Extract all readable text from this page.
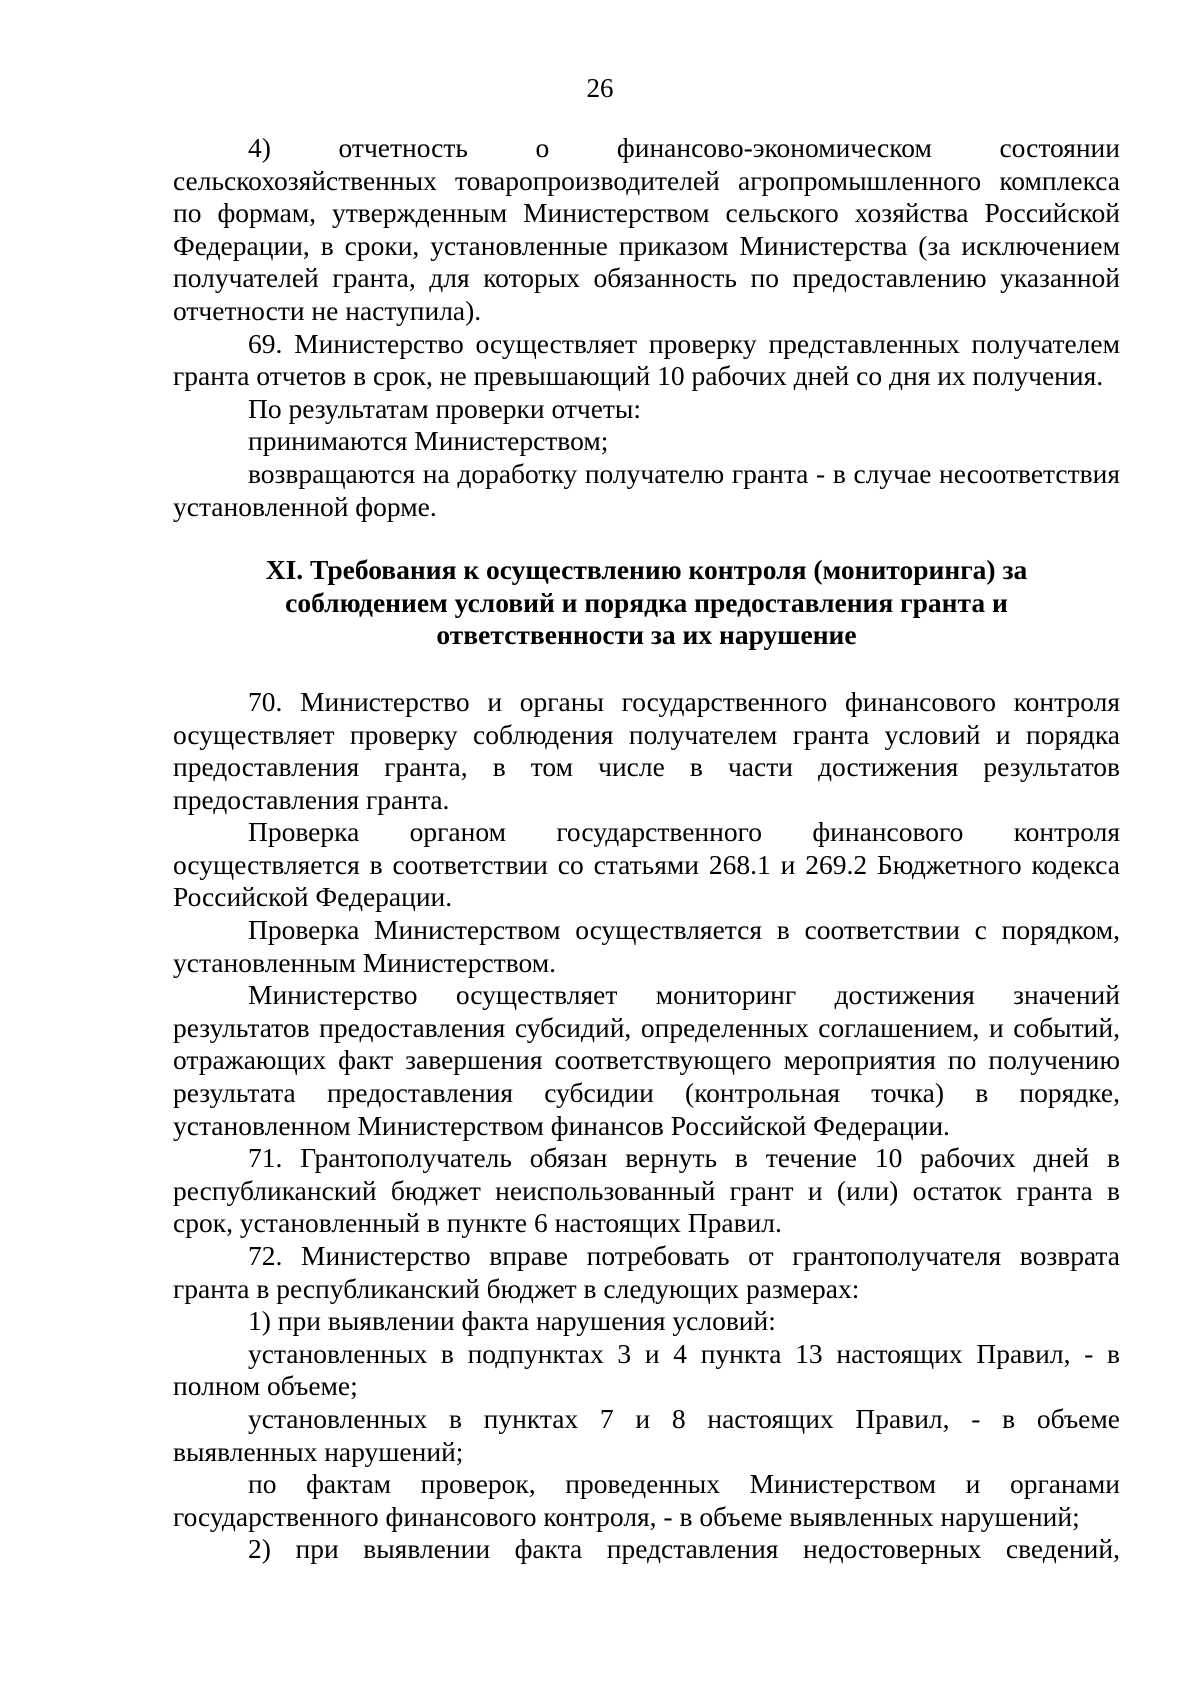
26

4) отчетность о финансово-экономическом состоянии сельскохозяйственных товаропроизводителей агропромышленного комплекса по формам, утвержденным Министерством сельского хозяйства Российской Федерации, в сроки, установленные приказом Министерства (за исключением получателей гранта, для которых обязанность по предоставлению указанной отчетности не наступила).

69. Министерство осуществляет проверку представленных получателем гранта отчетов в срок, не превышающий 10 рабочих дней со дня их получения.

По результатам проверки отчеты:

принимаются Министерством;

возвращаются на доработку получателю гранта - в случае несоответствия установленной форме.

XI. Требования к осуществлению контроля (мониторинга) за соблюдением условий и порядка предоставления гранта и ответственности за их нарушение

70. Министерство и органы государственного финансового контроля осуществляет проверку соблюдения получателем гранта условий и порядка предоставления гранта, в том числе в части достижения результатов предоставления гранта.

Проверка органом государственного финансового контроля осуществляется в соответствии со статьями 268.1 и 269.2 Бюджетного кодекса Российской Федерации.

Проверка Министерством осуществляется в соответствии с порядком, установленным Министерством.

Министерство осуществляет мониторинг достижения значений результатов предоставления субсидий, определенных соглашением, и событий, отражающих факт завершения соответствующего мероприятия по получению результата предоставления субсидии (контрольная точка) в порядке, установленном Министерством финансов Российской Федерации.

71. Грантополучатель обязан вернуть в течение 10 рабочих дней в республиканский бюджет неиспользованный грант и (или) остаток гранта в срок, установленный в пункте 6 настоящих Правил.

72. Министерство вправе потребовать от грантополучателя возврата гранта в республиканский бюджет в следующих размерах:

1) при выявлении факта нарушения условий:

установленных в подпунктах 3 и 4 пункта 13 настоящих Правил, - в полном объеме;

установленных в пунктах 7 и 8 настоящих Правил, - в объеме выявленных нарушений;

по фактам проверок, проведенных Министерством и органами государственного финансового контроля, - в объеме выявленных нарушений;

2) при выявлении факта представления недостоверных сведений,
